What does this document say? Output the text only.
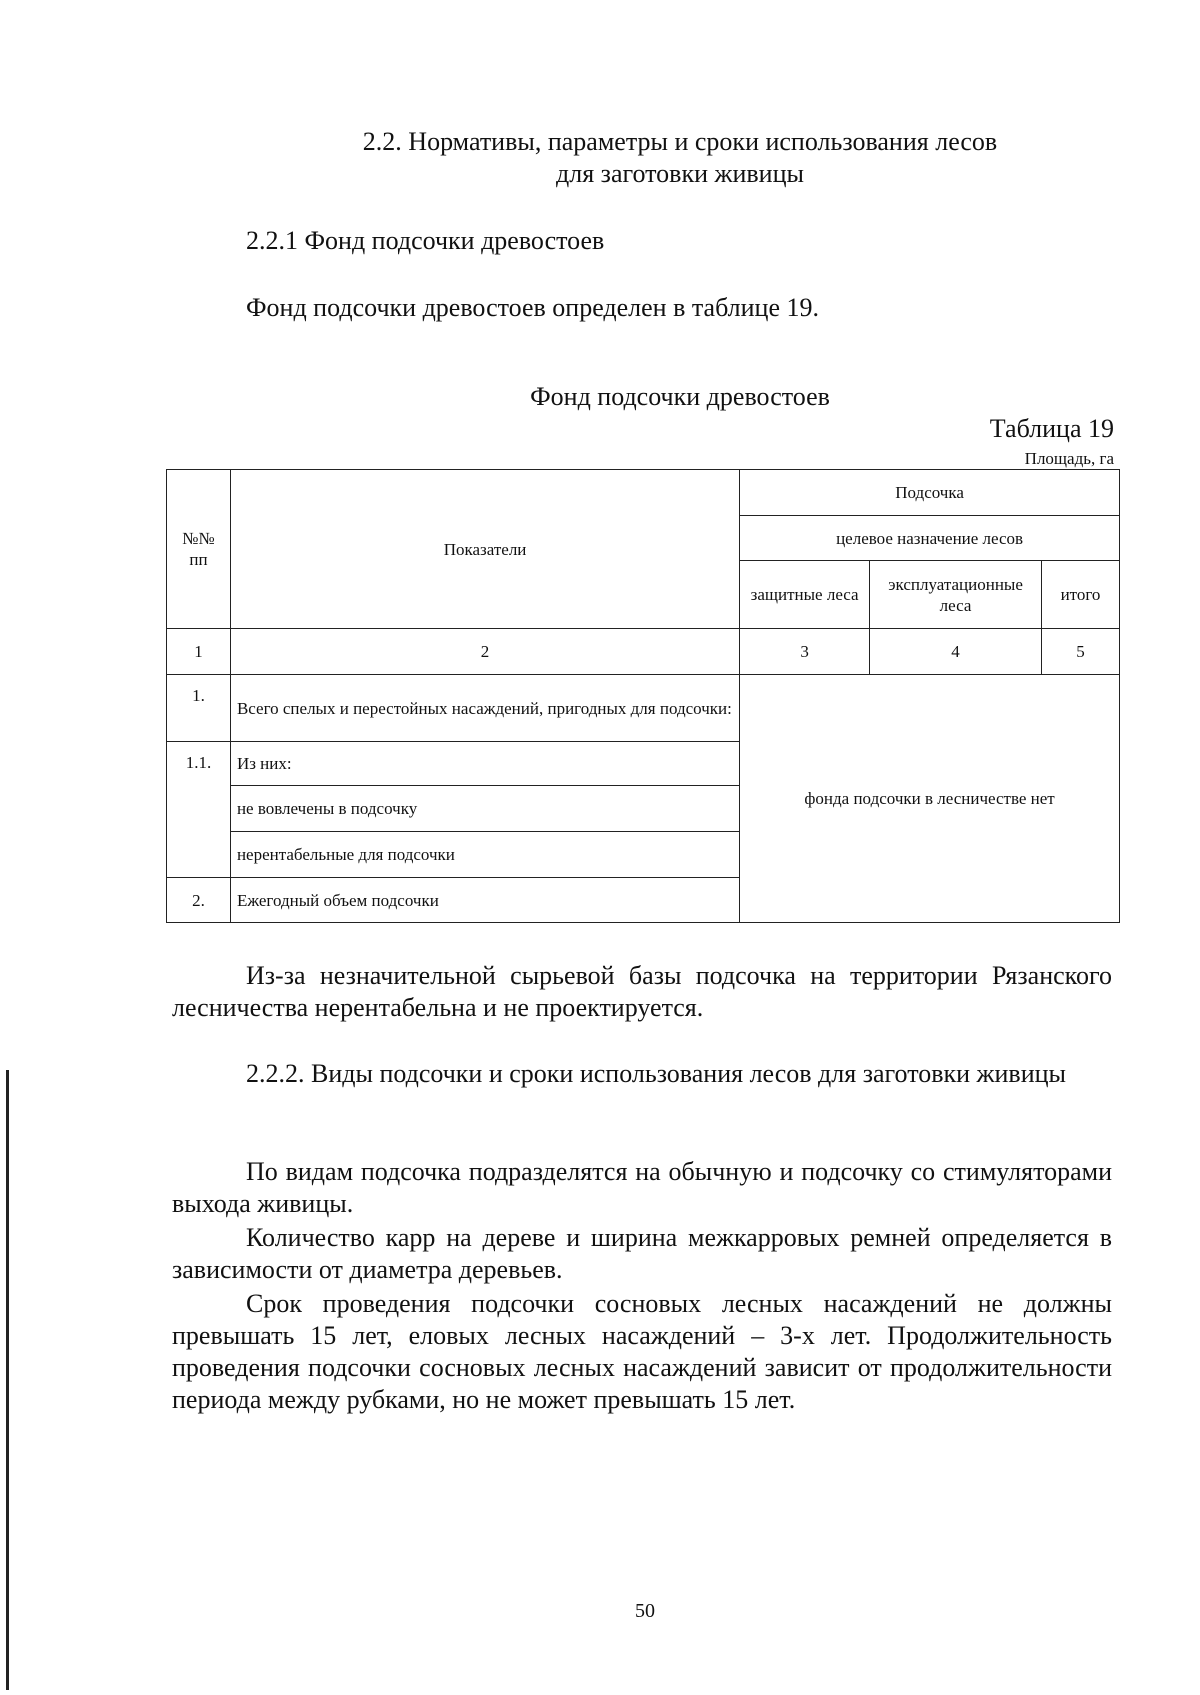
2.2. Нормативы, параметры и сроки использования лесов
для заготовки живицы
2.2.1 Фонд подсочки древостоев
Фонд подсочки древостоев определен в таблице 19.
Фонд подсочки древостоев
Таблица 19
Площадь, га
№№ пп	Показатели	Подсочка		
		целевое назначение лесов		
		защитные леса	эксплуатационные леса	итого
1	2	3	4	5
1.	Всего спелых и перестойных насаждений, пригодных для подсочки:	фонда подсочки в лесничестве нет		
1.1.	Из них:			
	не вовлечены в подсочку			
	нерентабельные для подсочки			
2.	Ежегодный объем подсочки			
Из-за незначительной сырьевой базы подсочка на территории Рязанского лесничества нерентабельна и не проектируется.
2.2.2. Виды подсочки и сроки использования лесов для заготовки живицы
По видам подсочка подразделятся на обычную и подсочку со стимуляторами выхода живицы.
Количество карр на дереве и ширина межкарровых ремней определяется в зависимости от диаметра деревьев.
Срок проведения подсочки сосновых лесных насаждений не должны превышать 15 лет, еловых лесных насаждений – 3-х лет. Продолжительность проведения подсочки сосновых лесных насаждений зависит от продолжительности периода между рубками, но не может превышать 15 лет.
50
